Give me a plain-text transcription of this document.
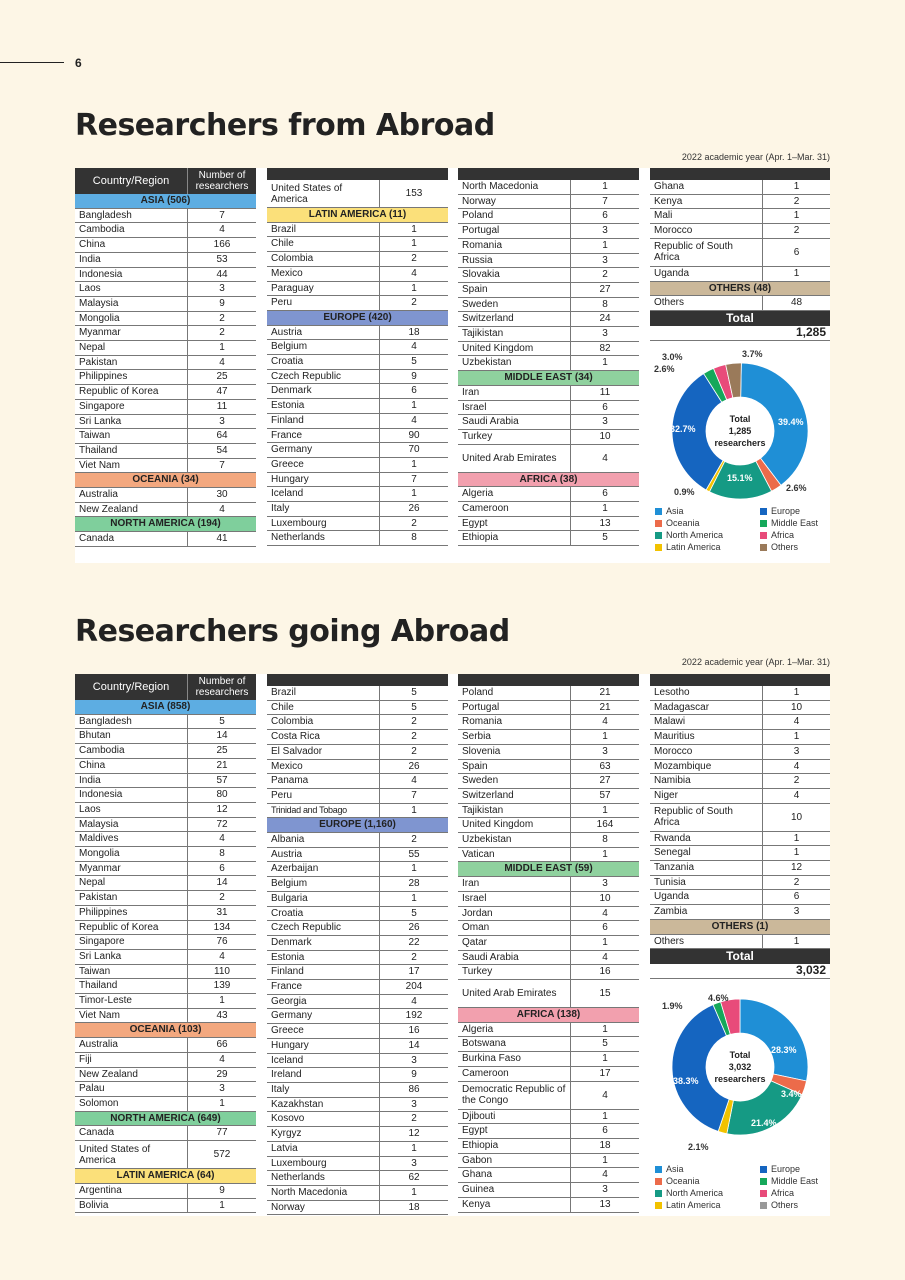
6
Researchers from Abroad
2022 academic year (Apr. 1–Mar. 31)
Country/Region	Number of researchers
ASIA (506)	
Bangladesh	7
Cambodia	4
China	166
India	53
Indonesia	44
Laos	3
Malaysia	9
Mongolia	2
Myanmar	2
Nepal	1
Pakistan	4
Philippines	25
Republic of Korea	47
Singapore	11
Sri Lanka	3
Taiwan	64
Thailand	54
Viet Nam	7
OCEANIA (34)	
Australia	30
New Zealand	4
NORTH AMERICA (194)	
Canada	41

United States of America	153
LATIN AMERICA (11)	
Brazil	1
Chile	1
Colombia	2
Mexico	4
Paraguay	1
Peru	2
EUROPE (420)	
Austria	18
Belgium	4
Croatia	5
Czech Republic	9
Denmark	6
Estonia	1
Finland	4
France	90
Germany	70
Greece	1
Hungary	7
Iceland	1
Italy	26
Luxembourg	2
Netherlands	8

North Macedonia	1
Norway	7
Poland	6
Portugal	3
Romania	1
Russia	3
Slovakia	2
Spain	27
Sweden	8
Switzerland	24
Tajikistan	3
United Kingdom	82
Uzbekistan	1
MIDDLE EAST (34)	
Iran	11
Israel	6
Saudi Arabia	3
Turkey	10
United Arab Emirates	4
AFRICA (38)	
Algeria	6
Cameroon	1
Egypt	13
Ethiopia	5

Ghana	1
Kenya	2
Mali	1
Morocco	2
Republic of South Africa	6
Uganda	1
OTHERS (48)	
Others	48
Total	
1,285	
39.4%
2.6%
15.1%
0.9%
32.7%
2.6%
3.0%	3.7%
Total
1,285
researchers
Asia	Europe
Oceania	Middle East
North America	Africa
Latin America	Others
Researchers going Abroad
2022 academic year (Apr. 1–Mar. 31)
Country/Region	Number of researchers
ASIA (858)	
Bangladesh	5
Bhutan	14
Cambodia	25
China	21
India	57
Indonesia	80
Laos	12
Malaysia	72
Maldives	4
Mongolia	8
Myanmar	6
Nepal	14
Pakistan	2
Philippines	31
Republic of Korea	134
Singapore	76
Sri Lanka	4
Taiwan	110
Thailand	139
Timor-Leste	1
Viet Nam	43
OCEANIA (103)	
Australia	66
Fiji	4
New Zealand	29
Palau	3
Solomon	1
NORTH AMERICA (649)	
Canada	77
United States of America	572
LATIN AMERICA (64)	
Argentina	9
Bolivia	1

Brazil	5
Chile	5
Colombia	2
Costa Rica	2
El Salvador	2
Mexico	26
Panama	4
Peru	7
Trinidad and Tobago	1
EUROPE (1,160)	
Albania	2
Austria	55
Azerbaijan	1
Belgium	28
Bulgaria	1
Croatia	5
Czech Republic	26
Denmark	22
Estonia	2
Finland	17
France	204
Georgia	4
Germany	192
Greece	16
Hungary	14
Iceland	3
Ireland	9
Italy	86
Kazakhstan	3
Kosovo	2
Kyrgyz	12
Latvia	1
Luxembourg	3
Netherlands	62
North Macedonia	1
Norway	18

Poland	21
Portugal	21
Romania	4
Serbia	1
Slovenia	3
Spain	63
Sweden	27
Switzerland	57
Tajikistan	1
United Kingdom	164
Uzbekistan	8
Vatican	1
MIDDLE EAST (59)	
Iran	3
Israel	10
Jordan	4
Oman	6
Qatar	1
Saudi Arabia	4
Turkey	16
United Arab Emirates	15
AFRICA (138)	
Algeria	1
Botswana	5
Burkina Faso	1
Cameroon	17
Democratic Republic of the Congo	4
Djibouti	1
Egypt	6
Ethiopia	18
Gabon	1
Ghana	4
Guinea	3
Kenya	13

Lesotho	1
Madagascar	10
Malawi	4
Mauritius	1
Morocco	3
Mozambique	4
Namibia	2
Niger	4
Republic of South Africa	10
Rwanda	1
Senegal	1
Tanzania	12
Tunisia	2
Uganda	6
Zambia	3
OTHERS (1)	
Others	1
Total	
3,032	
28.3%
3.4%
21.4%
2.1%
38.3%
1.9%
4.6%
Total
3,032
researchers
Asia	Europe
Oceania	Middle East
North America	Africa
Latin America	Others
